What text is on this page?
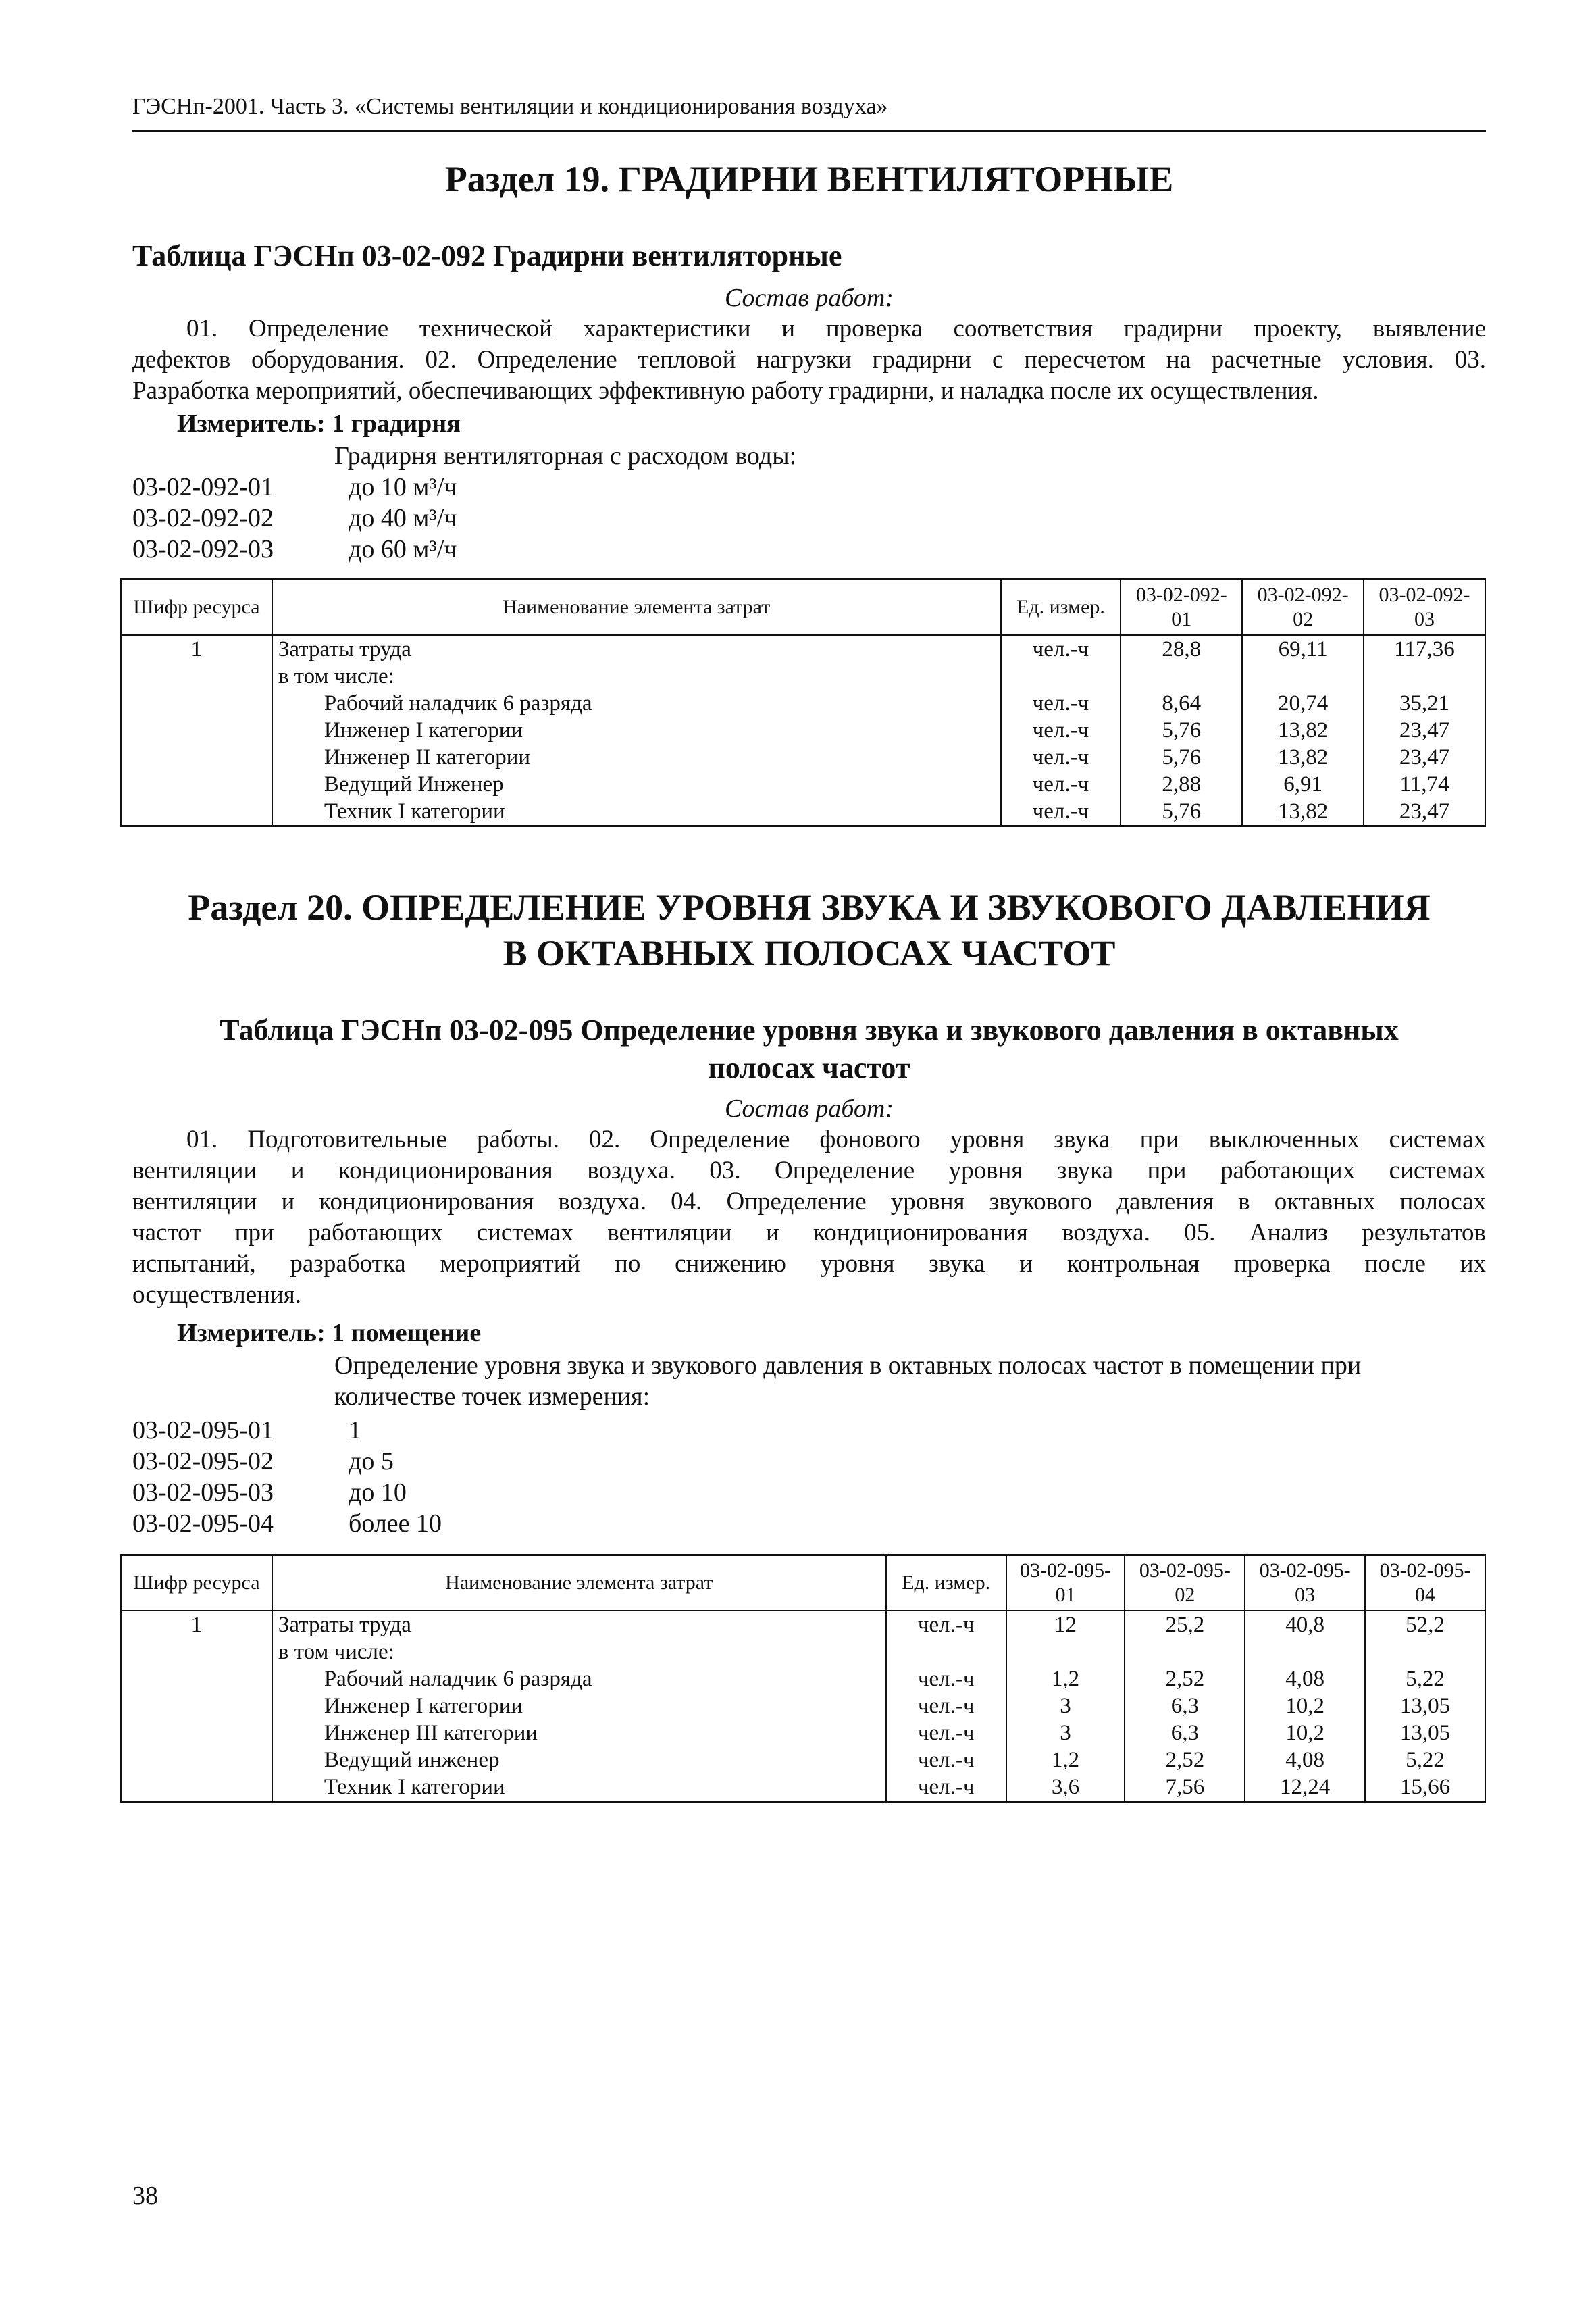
ГЭСНп-2001. Часть 3. «Системы вентиляции и кондиционирования воздуха»
Раздел 19. ГРАДИРНИ ВЕНТИЛЯТОРНЫЕ
Таблица ГЭСНп 03-02-092 Градирни вентиляторные
Состав работ:
01. Определение технической характеристики и проверка соответствия градирни проекту, выявление
дефектов оборудования. 02. Определение тепловой нагрузки градирни с пересчетом на расчетные условия. 03.
Разработка мероприятий, обеспечивающих эффективную работу градирни, и наладка после их осуществления.
Измеритель: 1 градирня
Градирня вентиляторная с расходом воды:
03-02-092-01	до 10 м³/ч
03-02-092-02	до 40 м³/ч
03-02-092-03	до 60 м³/ч
Шифр ресурса	Наименование элемента затрат	Ед. измер.	03-02-092-01	03-02-092-02	03-02-092-03
1	Затраты труда	чел.-ч	28,8	69,11	117,36
	в том числе:				
	Рабочий наладчик 6 разряда	чел.-ч	8,64	20,74	35,21
	Инженер I категории	чел.-ч	5,76	13,82	23,47
	Инженер II категории	чел.-ч	5,76	13,82	23,47
	Ведущий Инженер	чел.-ч	2,88	6,91	11,74
	Техник I категории	чел.-ч	5,76	13,82	23,47
Раздел 20. ОПРЕДЕЛЕНИЕ УРОВНЯ ЗВУКА И ЗВУКОВОГО ДАВЛЕНИЯ
В ОКТАВНЫХ ПОЛОСАХ ЧАСТОТ
Таблица ГЭСНп 03-02-095 Определение уровня звука и звукового давления в октавных
полосах частот
Состав работ:
01. Подготовительные работы. 02. Определение фонового уровня звука при выключенных системах
вентиляции и кондиционирования воздуха. 03. Определение уровня звука при работающих системах
вентиляции и кондиционирования воздуха. 04. Определение уровня звукового давления в октавных полосах
частот при работающих системах вентиляции и кондиционирования воздуха. 05. Анализ результатов
испытаний, разработка мероприятий по снижению уровня звука и контрольная проверка после их
осуществления.
Измеритель: 1 помещение
Определение уровня звука и звукового давления в октавных полосах частот в помещении при
количестве точек измерения:
03-02-095-01	1
03-02-095-02	до 5
03-02-095-03	до 10
03-02-095-04	более 10
Шифр ресурса	Наименование элемента затрат	Ед. измер.	03-02-095-01	03-02-095-02	03-02-095-03	03-02-095-04
1	Затраты труда	чел.-ч	12	25,2	40,8	52,2
	в том числе:					
	Рабочий наладчик 6 разряда	чел.-ч	1,2	2,52	4,08	5,22
	Инженер I категории	чел.-ч	3	6,3	10,2	13,05
	Инженер III категории	чел.-ч	3	6,3	10,2	13,05
	Ведущий инженер	чел.-ч	1,2	2,52	4,08	5,22
	Техник I категории	чел.-ч	3,6	7,56	12,24	15,66
38
